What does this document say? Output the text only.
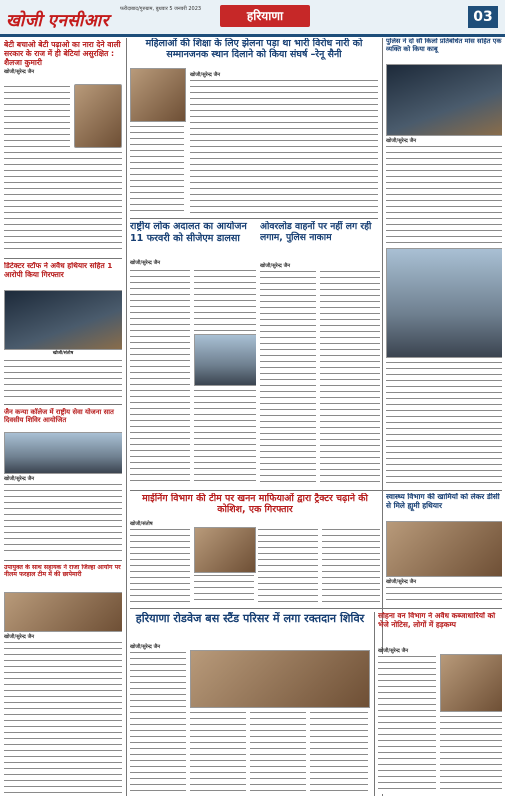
खोजी एनसीआर
फरीदाबाद/गुरुग्राम, बुधवार 5 जनवरी 2023	हरियाणा	03
बेटी बचाओ बेटी पढ़ाओ का नारा देने वाली सरकार के राज में ही बेटियां असुरक्षित : शैलजा कुमारी
खोजी/सुरेन्द्र जैन
डिटेक्टर स्टॉफ ने अवैध हथियार सहित 1 आरोपी किया गिरफ्तार
खोजी/संतोष
जैन कन्या कॉलेज में राष्ट्रीय सेवा योजना सात दिवसीय शिविर आयोजित
खोजी/सुरेन्द्र जैन
उपायुक्त के साथ सहायक ने राजा जिल्हा आयोग पर नीलम फरहाल टीम में की छापेमारी
खोजी/सुरेन्द्र जैन
महिलाओं की शिक्षा के लिए झेलना पड़ा था भारी विरोध नारी को सम्मानजनक स्थान दिलाने को किया संघर्ष –रेनू सैनी
खोजी/सुरेन्द्र जैन
राष्ट्रीय लोक अदालत का आयोजन 11 फरवरी को सीजेएम डालसा
खोजी/सुरेन्द्र जैन
ओवरलोड वाहनों पर नहीं लग रही लगाम, पुलिस नाकाम
खोजी/सुरेन्द्र जैन
माईनिंग विभाग की टीम पर खनन माफियाओं द्वारा ट्रैक्टर चढ़ाने की कोशिश, एक गिरफ्तार
खोजी/संतोष
पुलिस ने दो सौ किलो प्रतिबंधित मांस सहित एक व्यक्ति को किया काबू
खोजी/सुरेन्द्र जैन
स्वास्थ्य विभाग की खामियों को लेकर डीसी से मिले ह्यूमी हथियार
खोजी/सुरेन्द्र जैन
हरियाणा रोडवेज बस स्टैंड परिसर में लगा रक्तदान शिविर
खोजी/सुरेन्द्र जैन
सोहना वन विभाग ने अवैध कब्जाधारियों को भेजे नोटिस, लोगों में हड़कम्प
खोजी/सुरेन्द्र जैन
